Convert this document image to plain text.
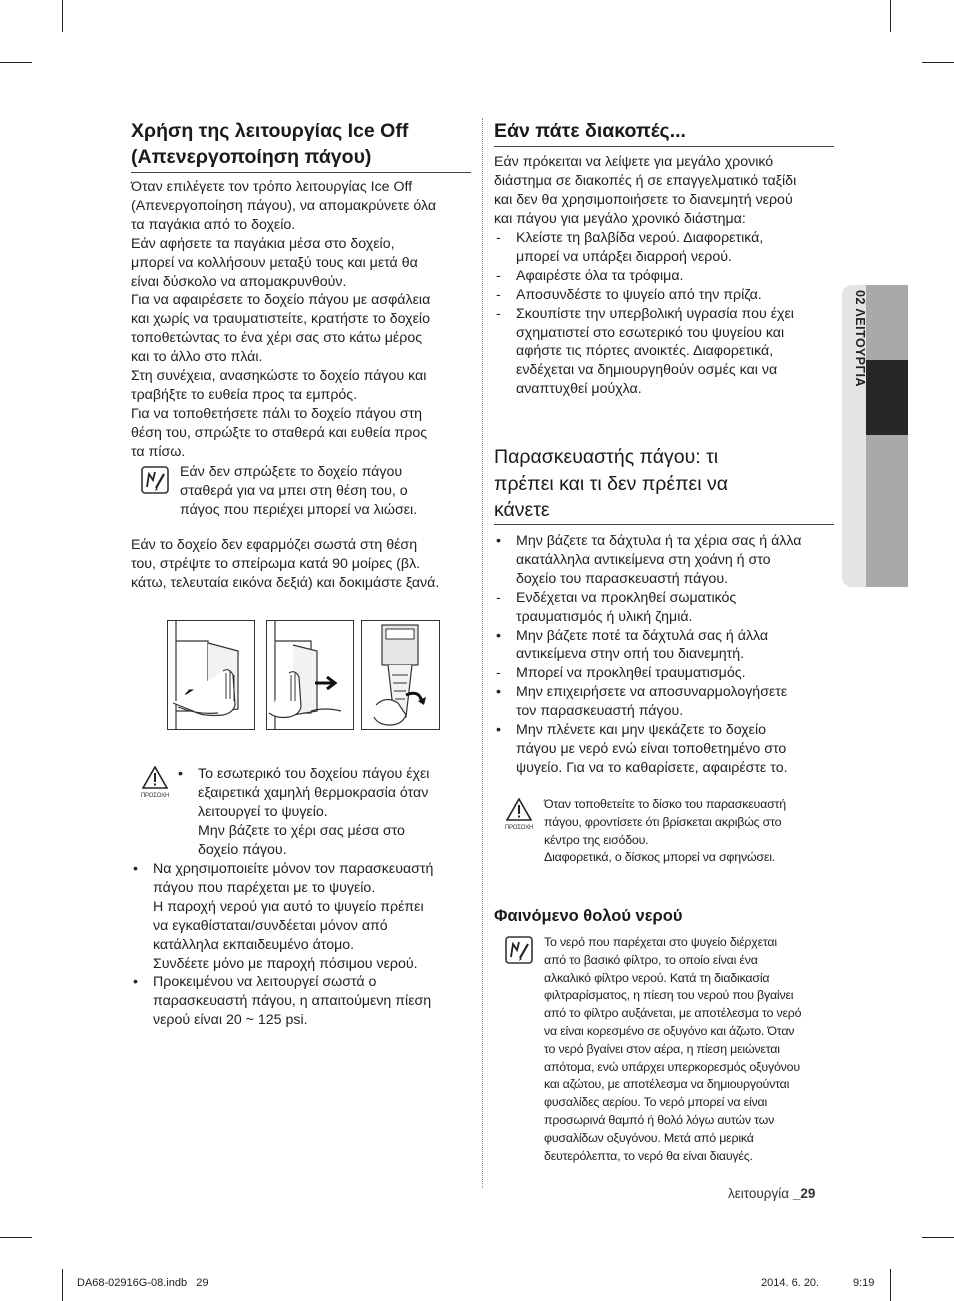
02 ΛΕΙΤΟΥΡΓΙΑ
Χρήση της λειτουργίας Ice Off
(Απενεργοποίηση πάγου)

Όταν επιλέγετε τον τρόπο λειτουργίας Ice Off

(Απενεργοποίηση πάγου), να απομακρύνετε όλα

τα παγάκια από το δοχείο.

Εάν αφήσετε τα παγάκια μέσα στο δοχείο,

μπορεί να κολλήσουν μεταξύ τους και μετά θα

είναι δύσκολο να απομακρυνθούν.

Για να αφαιρέσετε το δοχείο πάγου με ασφάλεια

και χωρίς να τραυματιστείτε, κρατήστε το δοχείο

τοποθετώντας το ένα χέρι σας στο κάτω μέρος

και το άλλο στο πλάι.

Στη συνέχεια, ανασηκώστε το δοχείο πάγου και

τραβήξτε το ευθεία προς τα εμπρός.

Για να τοποθετήσετε πάλι το δοχείο πάγου στη

θέση του, σπρώξτε το σταθερά και ευθεία προς

τα πίσω.

Εάν δεν σπρώξετε το δοχείο πάγου

σταθερά για να μπει στη θέση του, ο

πάγος που περιέχει μπορεί να λιώσει.

Εάν το δοχείο δεν εφαρμόζει σωστά στη θέση

του, στρέψτε το σπείρωμα κατά 90 μοίρες (βλ.

κάτω, τελευταία εικόνα δεξιά) και δοκιμάστε ξανά.

ΠΡΟΣΟΧΗ
• Το εσωτερικό του δοχείου πάγου έχει
εξαιρετικά χαμηλή θερμοκρασία όταν
λειτουργεί το ψυγείο.
Μην βάζετε το χέρι σας μέσα στο
δοχείο πάγου.
• Να χρησιμοποιείτε μόνον τον παρασκευαστή
πάγου που παρέχεται με το ψυγείο.
Η παροχή νερού για αυτό το ψυγείο πρέπει
να εγκαθίσταται/συνδέεται μόνον από
κατάλληλα εκπαιδευμένο άτομο.
Συνδέετε μόνο με παροχή πόσιμου νερού.
• Προκειμένου να λειτουργεί σωστά ο
παρασκευαστή πάγου, η απαιτούμενη πίεση
νερού είναι 20 ~ 125 psi.
Εάν πάτε διακοπές...

Εάν πρόκειται να λείψετε για μεγάλο χρονικό

διάστημα σε διακοπές ή σε επαγγελματικό ταξίδι

και δεν θα χρησιμοποιήσετε το διανεμητή νερού

και πάγου για μεγάλο χρονικό διάστημα:

- Κλείστε τη βαλβίδα νερού. Διαφορετικά,
μπορεί να υπάρξει διαρροή νερού.
- Αφαιρέστε όλα τα τρόφιμα.
- Αποσυνδέστε το ψυγείο από την πρίζα.
- Σκουπίστε την υπερβολική υγρασία που έχει
σχηματιστεί στο εσωτερικό του ψυγείου και
αφήστε τις πόρτες ανοικτές. Διαφορετικά,
ενδέχεται να δημιουργηθούν οσμές και να
αναπτυχθεί μούχλα.
Παρασκευαστής πάγου: τι
πρέπει και τι δεν πρέπει να
κάνετε
• Μην βάζετε τα δάχτυλα ή τα χέρια σας ή άλλα
ακατάλληλα αντικείμενα στη χοάνη ή στο
δοχείο του παρασκευαστή πάγου.
- Ενδέχεται να προκληθεί σωματικός
τραυματισμός ή υλική ζημιά.
• Μην βάζετε ποτέ τα δάχτυλά σας ή άλλα
αντικείμενα στην οπή του διανεμητή.
- Μπορεί να προκληθεί τραυματισμός.
• Μην επιχειρήσετε να αποσυναρμολογήσετε
τον παρασκευαστή πάγου.
• Μην πλένετε και μην ψεκάζετε το δοχείο
πάγου με νερό ενώ είναι τοποθετημένο στο
ψυγείο. Για να το καθαρίσετε, αφαιρέστε το.
ΠΡΟΣΟΧΗ

Όταν τοποθετείτε το δίσκο του παρασκευαστή

πάγου, φροντίσετε ότι βρίσκεται ακριβώς στο

κέντρο της εισόδου.

Διαφορετικά, ο δίσκος μπορεί να σφηνώσει.

Φαινόμενο θολού νερού

Το νερό που παρέχεται στο ψυγείο διέρχεται

από το βασικό φίλτρο, το οποίο είναι ένα

αλκαλικό φίλτρο νερού. Κατά τη διαδικασία

φιλτραρίσματος, η πίεση του νερού που βγαίνει

από το φίλτρο αυξάνεται, με αποτέλεσμα το νερό

να είναι κορεσμένο σε οξυγόνο και άζωτο. Όταν

το νερό βγαίνει στον αέρα, η πίεση μειώνεται

απότομα, ενώ υπάρχει υπερκορεσμός οξυγόνου

και αζώτου, με αποτέλεσμα να δημιουργούνται

φυσαλίδες αερίου. Το νερό μπορεί να είναι

προσωρινά θαμπό ή θολό λόγω αυτών των

φυσαλίδων οξυγόνου. Μετά από μερικά

δευτερόλεπτα, το νερό θα είναι διαυγές.

λειτουργία _29
DA68-02916G-08.indb   29	2014. 6. 20.	9:19
